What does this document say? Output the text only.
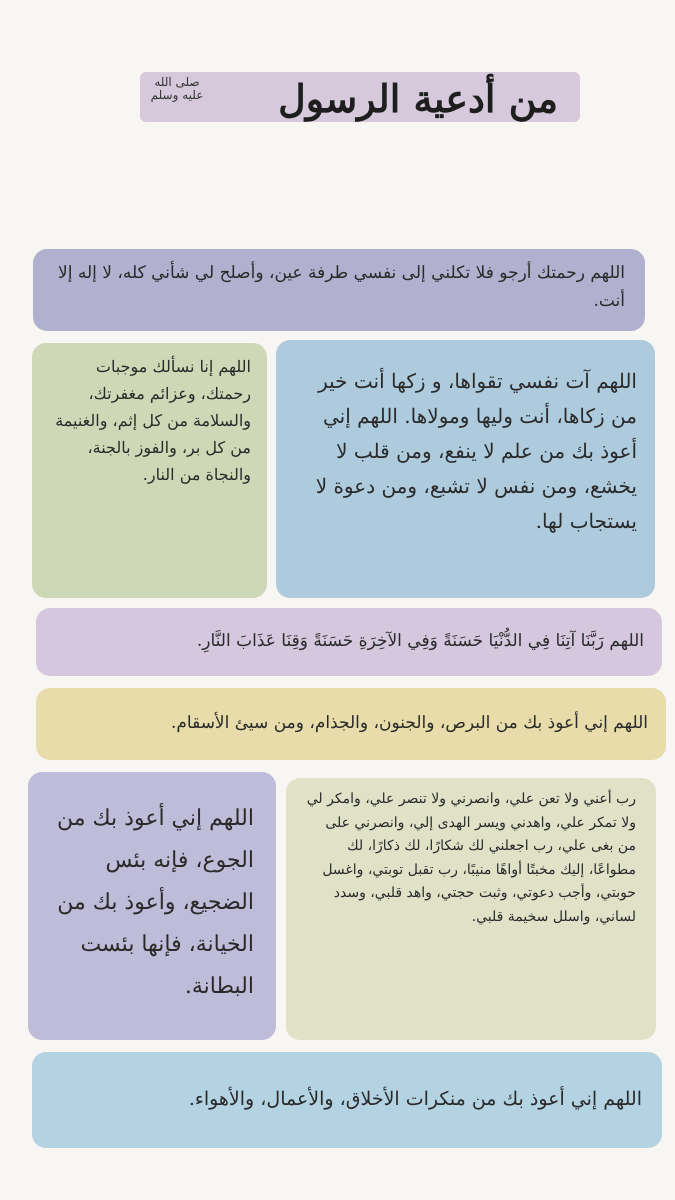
من أدعية الرسول
صلى الله عليه وسلم
اللهم رحمتك أرجو فلا تكلني إلى نفسي طرفة عين، وأصلح لي شأني كله، لا إله إلا أنت.
اللهم آت نفسي تقواها، و زكها أنت خير من زكاها، أنت وليها ومولاها. اللهم إني أعوذ بك من علم لا ينفع، ومن قلب لا يخشع، ومن نفس لا تشبع، ومن دعوة لا يستجاب لها.
اللهم إنا نسألك موجبات رحمتك، وعزائم مغفرتك، والسلامة من كل إثم، والغنيمة من كل بر، والفوز بالجنة، والنجاة من النار.
اللهم رَبَّنَا آتِنَا فِي الدُّنْيَا حَسَنَةً وَفِي الآخِرَةِ حَسَنَةً وَقِنَا عَذَابَ النَّارِ.
اللهم إني أعوذ بك من البرص، والجنون، والجذام، ومن سيئ الأسقام.
اللهم إني أعوذ بك من الجوع، فإنه بئس الضجيع، وأعوذ بك من الخيانة، فإنها بئست البطانة.
رب أعني ولا تعن علي، وانصرني ولا تنصر علي، وامكر لي ولا تمكر علي، واهدني ويسر الهدى إلي، وانصرني على من بغى علي، رب اجعلني لك شكارًا، لك ذكارًا، لك مطواعًا، إليك مخبتًا أواهًا منيبًا، رب تقبل توبتي، واغسل حوبتي، وأجب دعوتي، وثبت حجتي، واهد قلبي، وسدد لساني، واسلل سخيمة قلبي.
اللهم إني أعوذ بك من منكرات الأخلاق، والأعمال، والأهواء.
